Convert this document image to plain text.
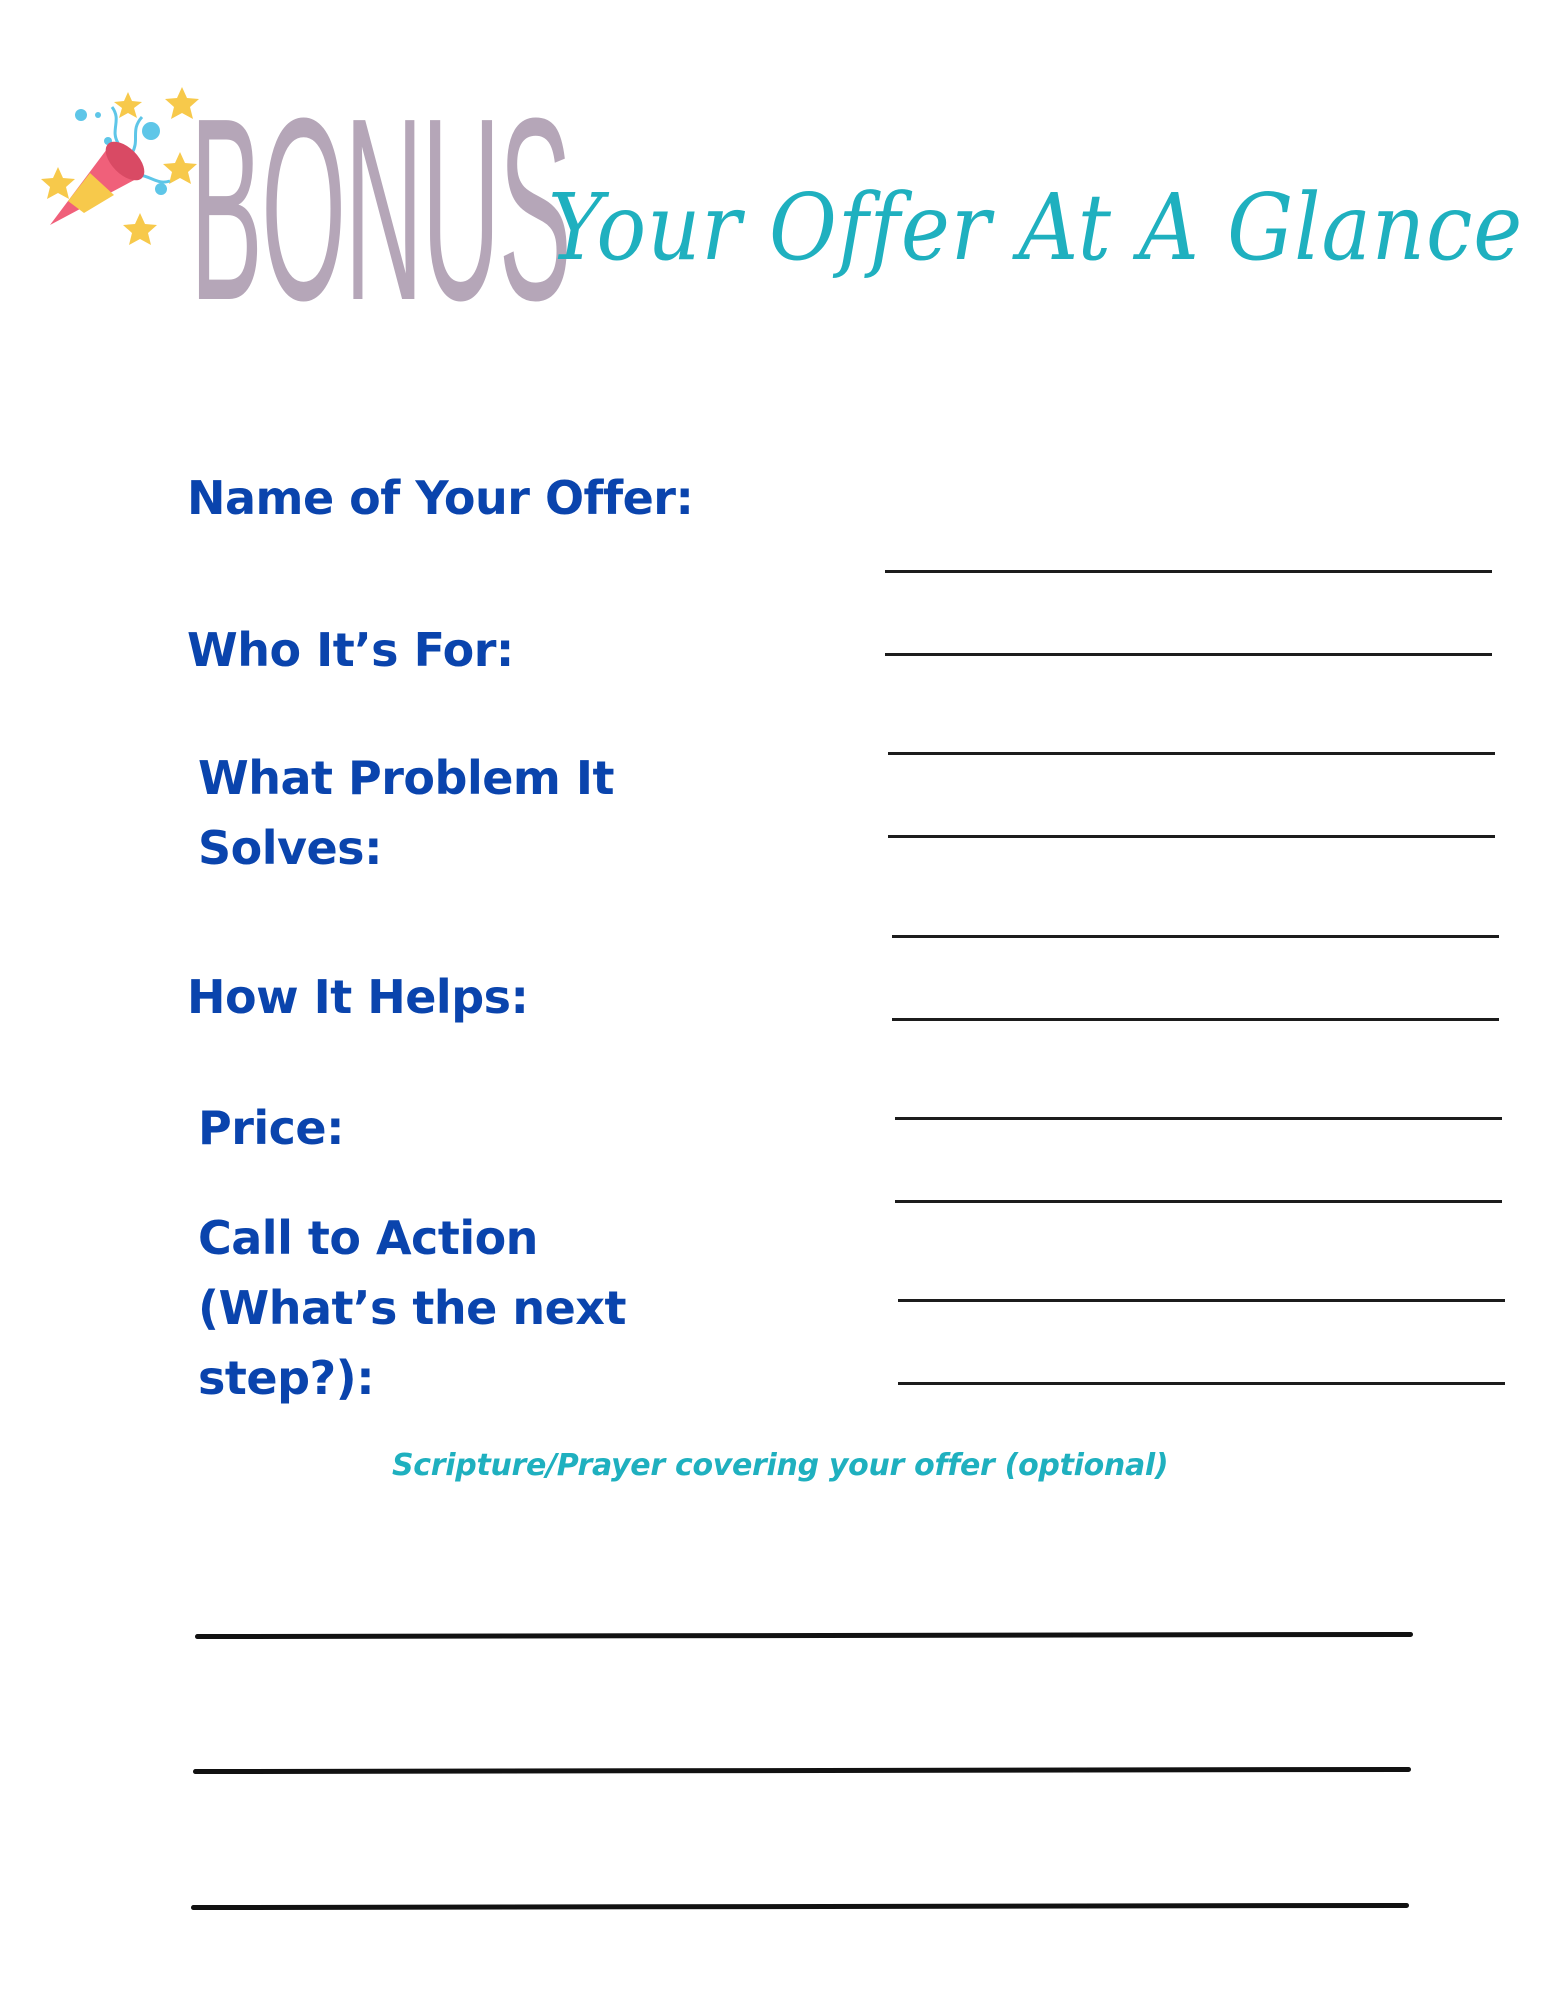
BONUS
Your Offer At A Glance
Name of Your Offer:
Who It’s For:
What Problem It
Solves:
How It Helps:
Price:
Call to Action
(What’s the next
step?):
Scripture/Prayer covering your offer (optional)
